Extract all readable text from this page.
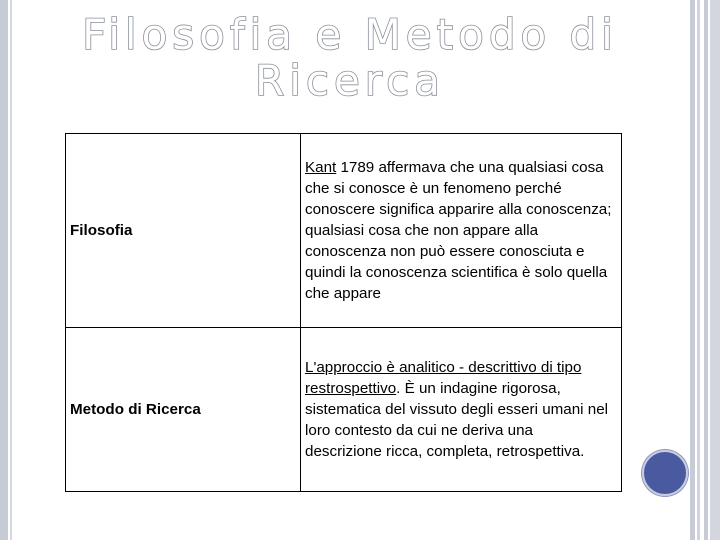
Filosofia e Metodo di
Ricerca
Filosofia	Kant 1789 affermava che una qualsiasi cosa che si conosce è un fenomeno perché conoscere significa apparire alla conoscenza; qualsiasi cosa che non appare alla conoscenza non può essere conosciuta e quindi la conoscenza scientifica è solo quella che appare
Metodo di Ricerca	L'approccio è analitico - descrittivo di tipo restrospettivo. È un indagine rigorosa, sistematica del vissuto degli esseri umani nel loro contesto da cui ne deriva una descrizione ricca, completa, retrospettiva.
